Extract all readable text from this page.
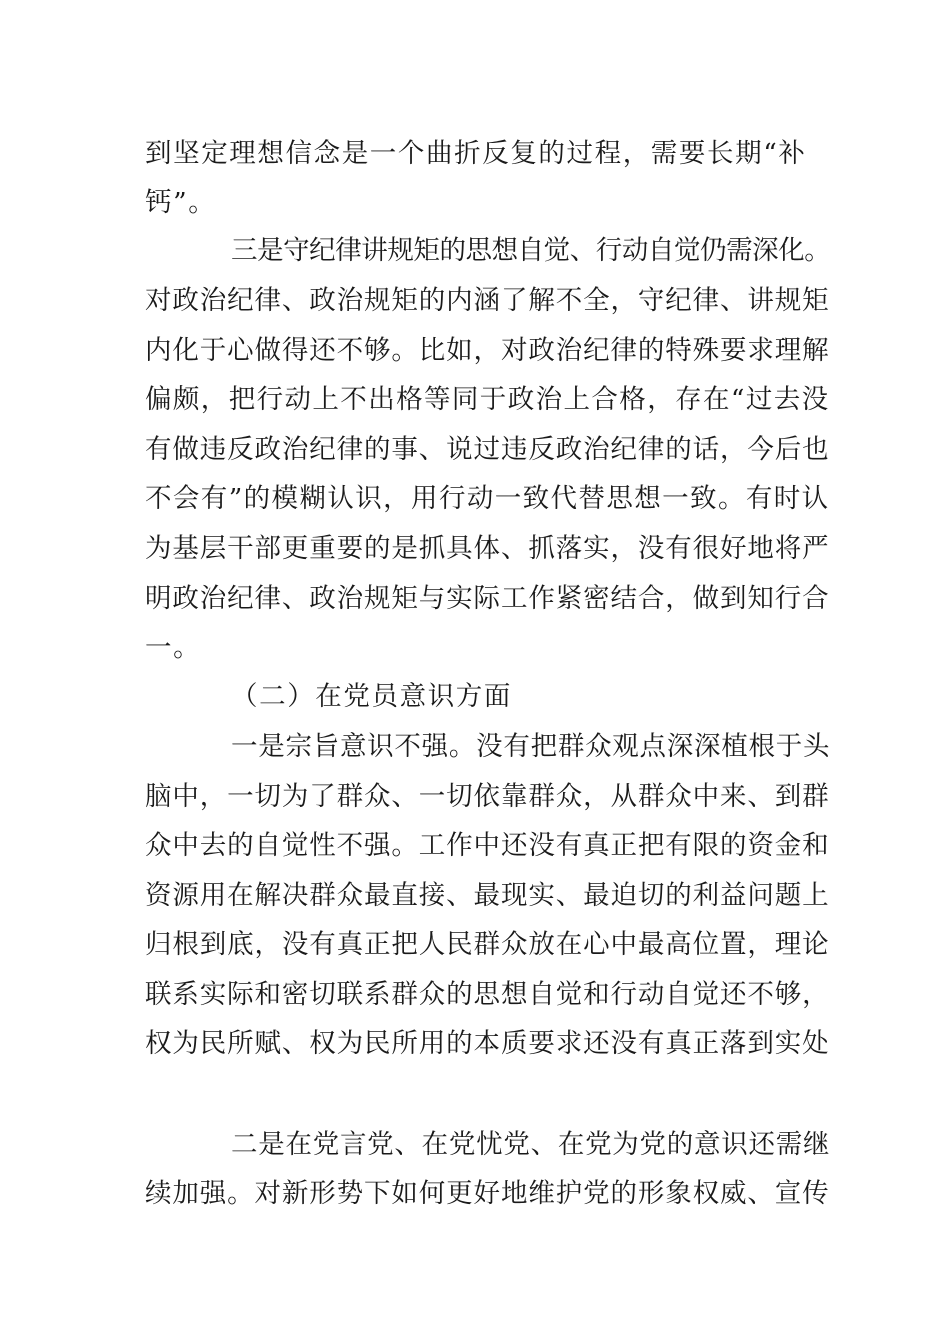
到坚定理想信念是一个曲折反复的过程，需要长期“补
钙”。
三是守纪律讲规矩的思想自觉、行动自觉仍需深化。
对政治纪律、政治规矩的内涵了解不全，守纪律、讲规矩
内化于心做得还不够。比如，对政治纪律的特殊要求理解
偏颇，把行动上不出格等同于政治上合格，存在“过去没
有做违反政治纪律的事、说过违反政治纪律的话，今后也
不会有”的模糊认识，用行动一致代替思想一致。有时认
为基层干部更重要的是抓具体、抓落实，没有很好地将严
明政治纪律、政治规矩与实际工作紧密结合，做到知行合
一。
（二）在党员意识方面
一是宗旨意识不强。没有把群众观点深深植根于头
脑中，一切为了群众、一切依靠群众，从群众中来、到群
众中去的自觉性不强。工作中还没有真正把有限的资金和
资源用在解决群众最直接、最现实、最迫切的利益问题上
归根到底，没有真正把人民群众放在心中最高位置，理论
联系实际和密切联系群众的思想自觉和行动自觉还不够，
权为民所赋、权为民所用的本质要求还没有真正落到实处
二是在党言党、在党忧党、在党为党的意识还需继
续加强。对新形势下如何更好地维护党的形象权威、宣传
